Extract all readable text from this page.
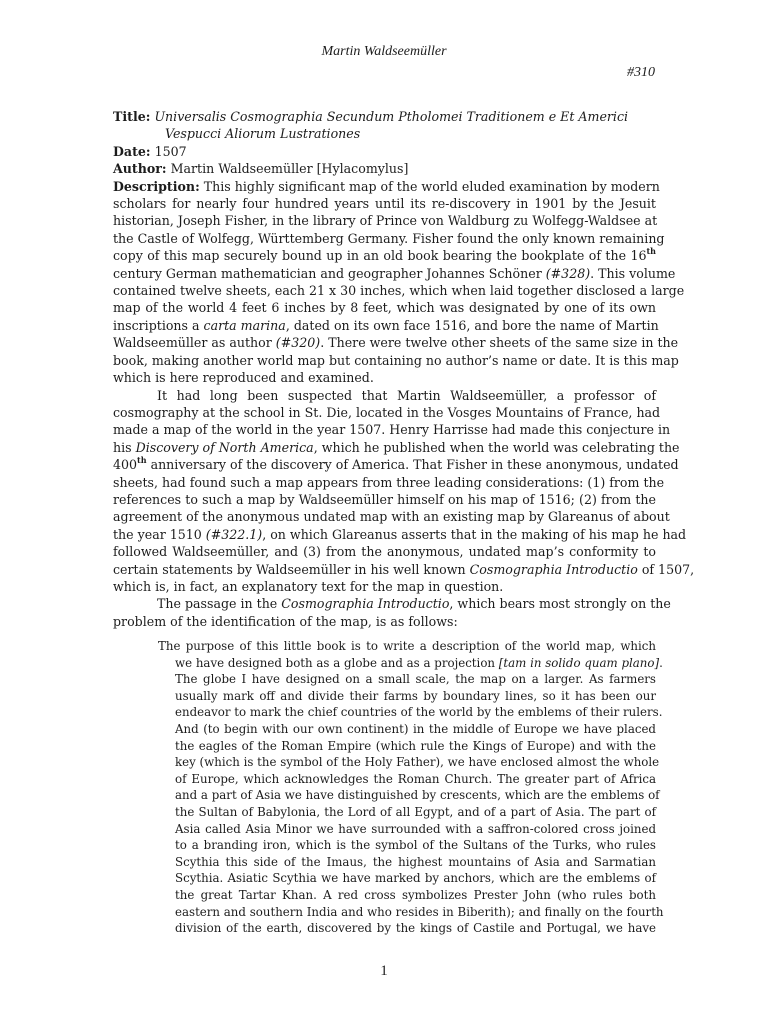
Martin Waldseemüller
#310
Title: Universalis Cosmographia Secundum Ptholomei Traditionem e Et Americi
Vespucci Aliorum Lustrationes
Date: 1507
Author: Martin Waldseemüller [Hylacomylus]
Description: This highly significant map of the world eluded examination by modern
scholars for nearly four hundred years until its re-discovery in 1901 by the Jesuit
historian, Joseph Fisher, in the library of Prince von Waldburg zu Wolfegg-Waldsee at
the Castle of Wolfegg, Württemberg Germany. Fisher found the only known remaining
copy of this map securely bound up in an old book bearing the bookplate of the 16th
century German mathematician and geographer Johannes Schöner (#328). This volume
contained twelve sheets, each 21 x 30 inches, which when laid together disclosed a large
map of the world 4 feet 6 inches by 8 feet, which was designated by one of its own
inscriptions a carta marina, dated on its own face 1516, and bore the name of Martin
Waldseemüller as author (#320). There were twelve other sheets of the same size in the
book, making another world map but containing no author’s name or date. It is this map
which is here reproduced and examined.
It had long been suspected that Martin Waldseemüller, a professor of
cosmography at the school in St. Die, located in the Vosges Mountains of France, had
made a map of the world in the year 1507. Henry Harrisse had made this conjecture in
his Discovery of North America, which he published when the world was celebrating the
400th anniversary of the discovery of America. That Fisher in these anonymous, undated
sheets, had found such a map appears from three leading considerations: (1) from the
references to such a map by Waldseemüller himself on his map of 1516; (2) from the
agreement of the anonymous undated map with an existing map by Glareanus of about
the year 1510 (#322.1), on which Glareanus asserts that in the making of his map he had
followed Waldseemüller, and (3) from the anonymous, undated map’s conformity to
certain statements by Waldseemüller in his well known Cosmographia Introductio of 1507,
which is, in fact, an explanatory text for the map in question.
The passage in the Cosmographia Introductio, which bears most strongly on the
problem of the identification of the map, is as follows:
The purpose of this little book is to write a description of the world map, which
we have designed both as a globe and as a projection [tam in solido quam plano].
The globe I have designed on a small scale, the map on a larger. As farmers
usually mark off and divide their farms by boundary lines, so it has been our
endeavor to mark the chief countries of the world by the emblems of their rulers.
And (to begin with our own continent) in the middle of Europe we have placed
the eagles of the Roman Empire (which rule the Kings of Europe) and with the
key (which is the symbol of the Holy Father), we have enclosed almost the whole
of Europe, which acknowledges the Roman Church. The greater part of Africa
and a part of Asia we have distinguished by crescents, which are the emblems of
the Sultan of Babylonia, the Lord of all Egypt, and of a part of Asia. The part of
Asia called Asia Minor we have surrounded with a saffron-colored cross joined
to a branding iron, which is the symbol of the Sultans of the Turks, who rules
Scythia this side of the Imaus, the highest mountains of Asia and Sarmatian
Scythia. Asiatic Scythia we have marked by anchors, which are the emblems of
the great Tartar Khan. A red cross symbolizes Prester John (who rules both
eastern and southern India and who resides in Biberith); and finally on the fourth
division of the earth, discovered by the kings of Castile and Portugal, we have
1
